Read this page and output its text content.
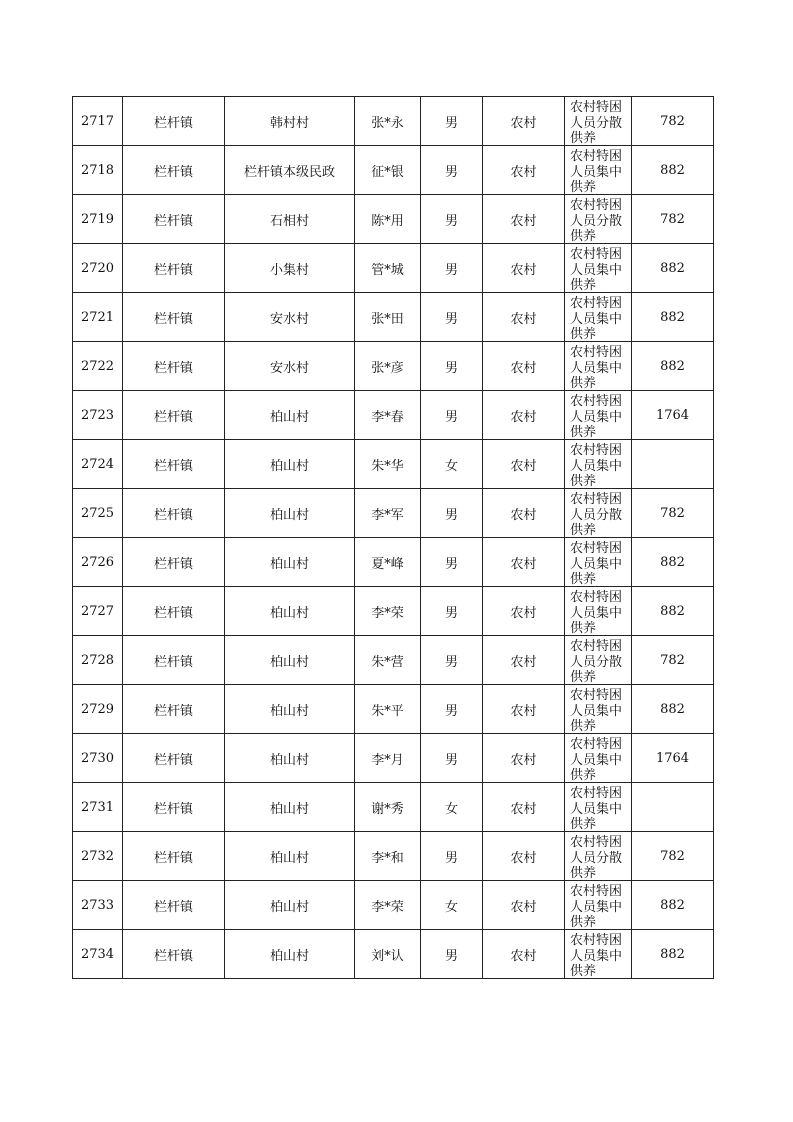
2717	栏杆镇	韩村村	张*永	男	农村	农村特困人员分散供养	782
2718	栏杆镇	栏杆镇本级民政	征*银	男	农村	农村特困人员集中供养	882
2719	栏杆镇	石相村	陈*用	男	农村	农村特困人员分散供养	782
2720	栏杆镇	小集村	管*城	男	农村	农村特困人员集中供养	882
2721	栏杆镇	安水村	张*田	男	农村	农村特困人员集中供养	882
2722	栏杆镇	安水村	张*彦	男	农村	农村特困人员集中供养	882
2723	栏杆镇	柏山村	李*春	男	农村	农村特困人员集中供养	1764
2724	栏杆镇	柏山村	朱*华	女	农村	农村特困人员集中供养	

2725	栏杆镇	柏山村	李*军	男	农村	农村特困人员分散供养	782
2726	栏杆镇	柏山村	夏*峰	男	农村	农村特困人员集中供养	882
2727	栏杆镇	柏山村	李*荣	男	农村	农村特困人员集中供养	882
2728	栏杆镇	柏山村	朱*营	男	农村	农村特困人员分散供养	782
2729	栏杆镇	柏山村	朱*平	男	农村	农村特困人员集中供养	882
2730	栏杆镇	柏山村	李*月	男	农村	农村特困人员集中供养	1764
2731	栏杆镇	柏山村	谢*秀	女	农村	农村特困人员集中供养	

2732	栏杆镇	柏山村	李*和	男	农村	农村特困人员分散供养	782
2733	栏杆镇	柏山村	李*荣	女	农村	农村特困人员集中供养	882
2734	栏杆镇	柏山村	刘*认	男	农村	农村特困人员集中供养	882
